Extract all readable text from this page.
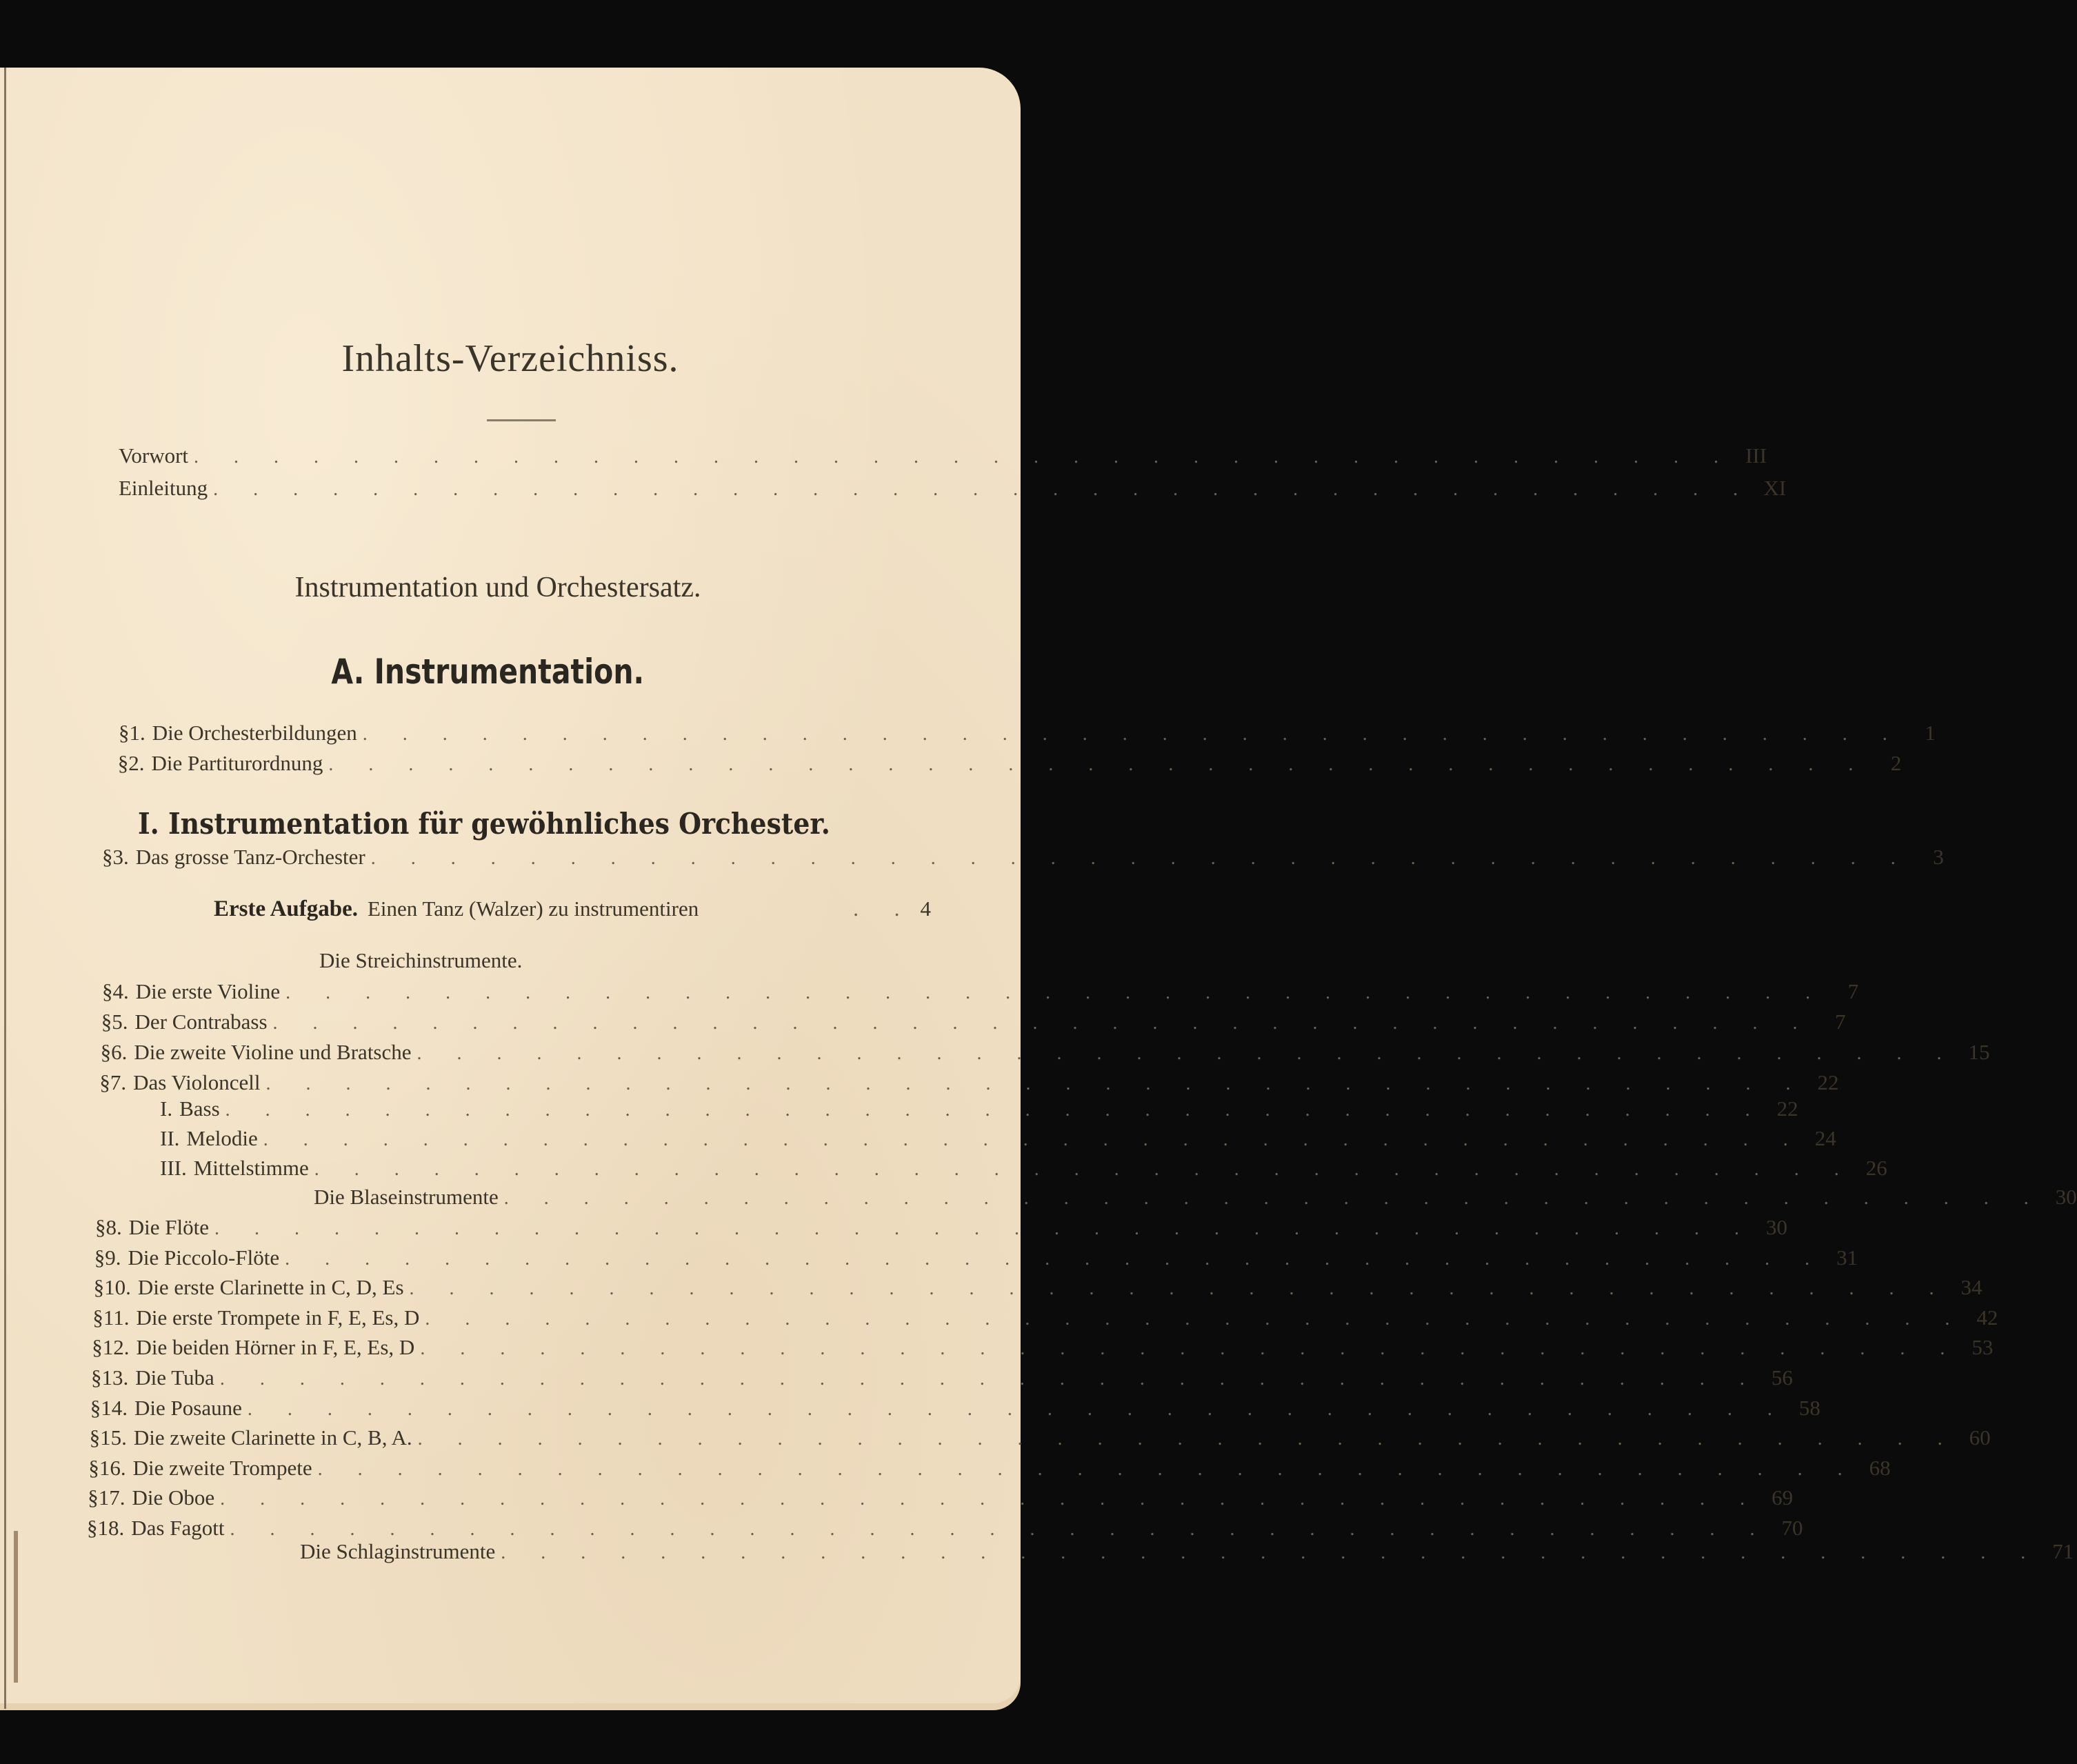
Inhalts-Verzeichniss.
Vorwort . . . . . . . . . . . . . . . . . . . . . . . . . . . . . . . . . . . . . . . III
Einleitung . . . . . . . . . . . . . . . . . . . . . . . . . . . . . . . . . . . . . . . XI
Instrumentation und Orchestersatz.
A. Instrumentation.
§ 1. Die Orchesterbildungen . . . . . . . . . . . . . . . . . . . . . . . . . . . . . . . . . . . . . . .	1
§ 2. Die Partiturordnung . . . . . . . . . . . . . . . . . . . . . . . . . . . . . . . . . . . . . . .	2
I. Instrumentation für gewöhnliches Orchester.
§ 3. Das grosse Tanz-Orchester . . . . . . . . . . . . . . . . . . . . . . . . . . . . . . . . . . . . . . .	3
Erste Aufgabe. Einen Tanz (Walzer) zu instrumentiren	. . 4
Die Streichinstrumente.
§ 4. Die erste Violine . . . . . . . . . . . . . . . . . . . . . . . . . . . . . . . . . . . . . . .	7
§ 5. Der Contrabass . . . . . . . . . . . . . . . . . . . . . . . . . . . . . . . . . . . . . . .	7
§ 6. Die zweite Violine und Bratsche . . . . . . . . . . . . . . . . . . . . . . . . . . . . . . . . . . . . . . . 15
§ 7. Das Violoncell . . . . . . . . . . . . . . . . . . . . . . . . . . . . . . . . . . . . . . . 22
I. Bass . . . . . . . . . . . . . . . . . . . . . . . . . . . . . . . . . . . . . . . 22
II. Melodie . . . . . . . . . . . . . . . . . . . . . . . . . . . . . . . . . . . . . . . 24
III. Mittelstimme . . . . . . . . . . . . . . . . . . . . . . . . . . . . . . . . . . . . . . . 26
Die Blaseinstrumente . . . . . . . . . . . . . . . . . . . . . . . . . . . . . . . . . . . . . . . 30
§ 8. Die Flöte . . . . . . . . . . . . . . . . . . . . . . . . . . . . . . . . . . . . . . . 30
§ 9. Die Piccolo-Flöte . . . . . . . . . . . . . . . . . . . . . . . . . . . . . . . . . . . . . . . 31
§ 10. Die erste Clarinette in C, D, Es . . . . . . . . . . . . . . . . . . . . . . . . . . . . . . . . . . . . . . . 34
§ 11. Die erste Trompete in F, E, Es, D . . . . . . . . . . . . . . . . . . . . . . . . . . . . . . . . . . . . . . . 42
§ 12. Die beiden Hörner in F, E, Es, D . . . . . . . . . . . . . . . . . . . . . . . . . . . . . . . . . . . . . . . 53
§ 13. Die Tuba . . . . . . . . . . . . . . . . . . . . . . . . . . . . . . . . . . . . . . . 56
§ 14. Die Posaune . . . . . . . . . . . . . . . . . . . . . . . . . . . . . . . . . . . . . . . 58
§ 15. Die zweite Clarinette in C, B, A. . . . . . . . . . . . . . . . . . . . . . . . . . . . . . . . . . . . . . . . 60
§ 16. Die zweite Trompete . . . . . . . . . . . . . . . . . . . . . . . . . . . . . . . . . . . . . . . 68
§ 17. Die Oboe . . . . . . . . . . . . . . . . . . . . . . . . . . . . . . . . . . . . . . . 69
§ 18. Das Fagott . . . . . . . . . . . . . . . . . . . . . . . . . . . . . . . . . . . . . . . 70
Die Schlaginstrumente . . . . . . . . . . . . . . . . . . . . . . . . . . . . . . . . . . . . . . . 71
